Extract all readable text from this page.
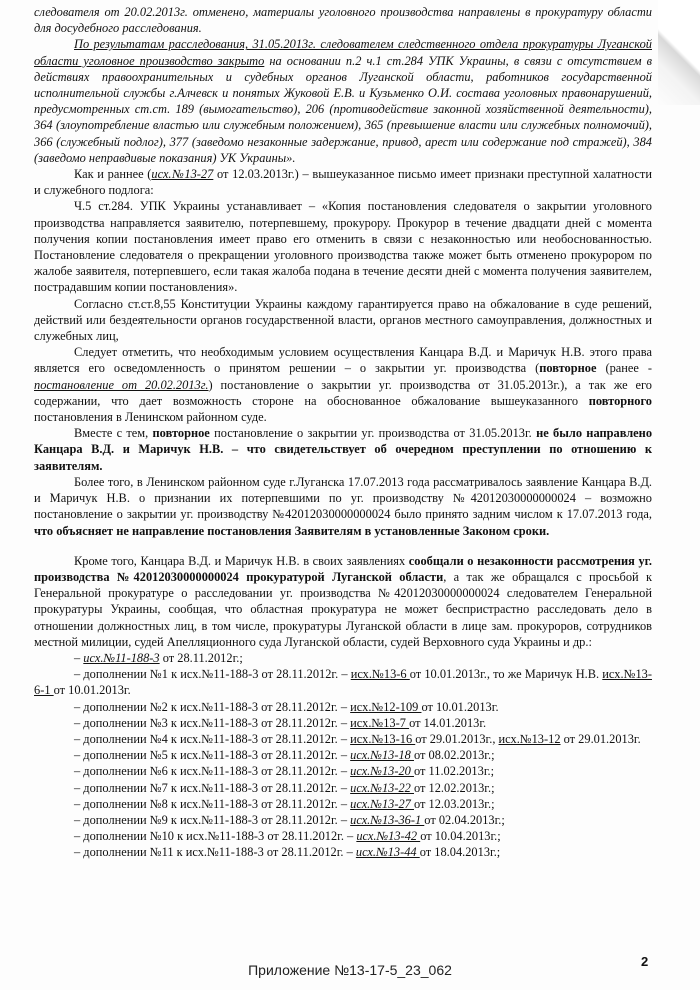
следователя от 20.02.2013г. отменено, материалы уголовного производства направлены в прокуратуру области для досудебного расследования.

По результатам расследования, 31.05.2013г. следователем следственного отдела прокуратуры Луганской области уголовное производство закрыто на основании п.2 ч.1 ст.284 УПК Украины, в связи с отсутствием в действиях правоохранительных и судебных органов Луганской области, работников государственной исполнительной службы г.Алчевск и понятых Жуковой Е.В. и Кузьменко О.И. состава уголовных правонарушений, предусмотренных ст.ст. 189 (вымогательство), 206 (противодействие законной хозяйственной деятельности), 364 (злоупотребление властью или служебным положением), 365 (превышение власти или служебных полномочий), 366 (служебный подлог), 377 (заведомо незаконные задержание, привод, арест или содержание под стражей), 384 (заведомо неправдивые показания) УК Украины».

Как и раннее (исх.№13-27 от 12.03.2013г.) – вышеуказанное письмо имеет признаки преступной халатности и служебного подлога:

Ч.5 ст.284. УПК Украины устанавливает – «Копия постановления следователя о закрытии уголовного производства направляется заявителю, потерпевшему, прокурору. Прокурор в течение двадцати дней с момента получения копии постановления имеет право его отменить в связи с незаконностью или необоснованностью. Постановление следователя о прекращении уголовного производства также может быть отменено прокурором по жалобе заявителя, потерпевшего, если такая жалоба подана в течение десяти дней с момента получения заявителем, пострадавшим копии постановления».

Согласно ст.ст.8,55 Конституции Украины каждому гарантируется право на обжалование в суде решений, действий или бездеятельности органов государственной власти, органов местного самоуправления, должностных и служебных лиц,

Следует отметить, что необходимым условием осуществления Канцара В.Д. и Маричук Н.В. этого права является его осведомленность о принятом решении – о закрытии уг. производства (повторное (ранее - постановление от 20.02.2013г.) постановление о закрытии уг. производства от 31.05.2013г.), а так же его содержании, что дает возможность стороне на обоснованное обжалование вышеуказанного повторного постановления в Ленинском районном суде.

Вместе с тем, повторное постановление о закрытии уг. производства от 31.05.2013г. не было направлено Канцара В.Д. и Маричук Н.В. – что свидетельствует об очередном преступлении по отношению к заявителям.

Более того, в Ленинском районном суде г.Луганска 17.07.2013 года рассматривалось заявление Канцара В.Д. и Маричук Н.В. о признании их потерпевшими по уг. производству №42012030000000024 – возможно постановление о закрытии уг. производству №42012030000000024 было принято задним числом к 17.07.2013 года, что объясняет не направление постановления Заявителям в установленные Законом сроки.

Кроме того, Канцара В.Д. и Маричук Н.В. в своих заявлениях сообщали о незаконности рассмотрения уг. производства №42012030000000024 прокуратурой Луганской области, а так же обращался с просьбой к Генеральной прокуратуре о расследовании уг. производства №42012030000000024 следователем Генеральной прокуратуры Украины, сообщая, что областная прокуратура не может беспристрастно расследовать дело в отношении должностных лиц, в том числе, прокуратуры Луганской области в лице зам. прокуроров, сотрудников местной милиции, судей Апелляционного суда Луганской области, судей Верховного суда Украины и др.:

– исх.№11-188-3 от 28.11.2012г.;

– дополнении №1 к исх.№11-188-3 от 28.11.2012г. – исх.№13-6 от 10.01.2013г., то же Маричук Н.В. исх.№13-6-1 от 10.01.2013г.

– дополнении №2 к исх.№11-188-3 от 28.11.2012г. – исх.№12-109 от 10.01.2013г.

– дополнении №3 к исх.№11-188-3 от 28.11.2012г. – исх.№13-7 от 14.01.2013г.

– дополнении №4 к исх.№11-188-3 от 28.11.2012г. – исх.№13-16 от 29.01.2013г., исх.№13-12 от 29.01.2013г.

– дополнении №5 к исх.№11-188-3 от 28.11.2012г. – исх.№13-18 от 08.02.2013г.;

– дополнении №6 к исх.№11-188-3 от 28.11.2012г. – исх.№13-20 от 11.02.2013г.;

– дополнении №7 к исх.№11-188-3 от 28.11.2012г. – исх.№13-22 от 12.02.2013г.;

– дополнении №8 к исх.№11-188-3 от 28.11.2012г. – исх.№13-27 от 12.03.2013г.;

– дополнении №9 к исх.№11-188-3 от 28.11.2012г. – исх.№13-36-1 от 02.04.2013г.;

– дополнении №10 к исх.№11-188-3 от 28.11.2012г. – исх.№13-42 от 10.04.2013г.;

– дополнении №11 к исх.№11-188-3 от 28.11.2012г. – исх.№13-44 от 18.04.2013г.;

2
Приложение №13-17-5_23_062
